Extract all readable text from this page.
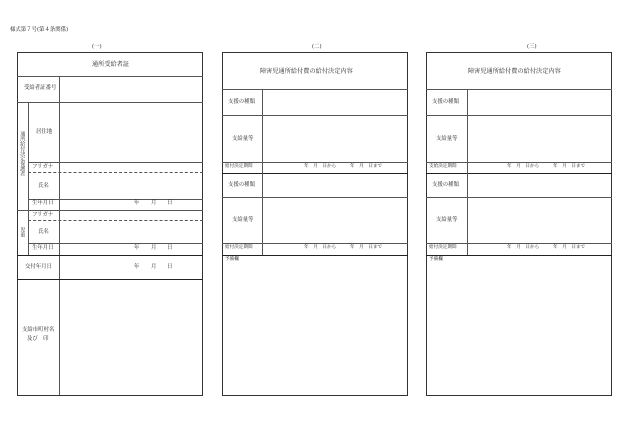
様式第７号(第４条関係)
(一)
通所受給者証
受給者証番号
通所給付決定保護者 居住地
フリガナ
氏名
生年月日	年 月 日
児童
フリガナ
氏名
生年月日	年 月 日
交付年月日	年 月 日
支給市町村名
及び　印
(二)
障害児通所給付費の給付決定内容
支援の種類
支給量等
給付決定期間	年　月　日から　　　年　月　日まで
支援の種類
支給量等
給付決定期間	年　月　日から　　　年　月　日まで
予備欄
(三)
障害児通所給付費の給付決定内容
支援の種類
支給量等
支給決定期間	年　月　日から　　　年　月　日まで
支援の種類
支給量等
給付決定期間	年　月　日から　　　年　月　日まで
予備欄
